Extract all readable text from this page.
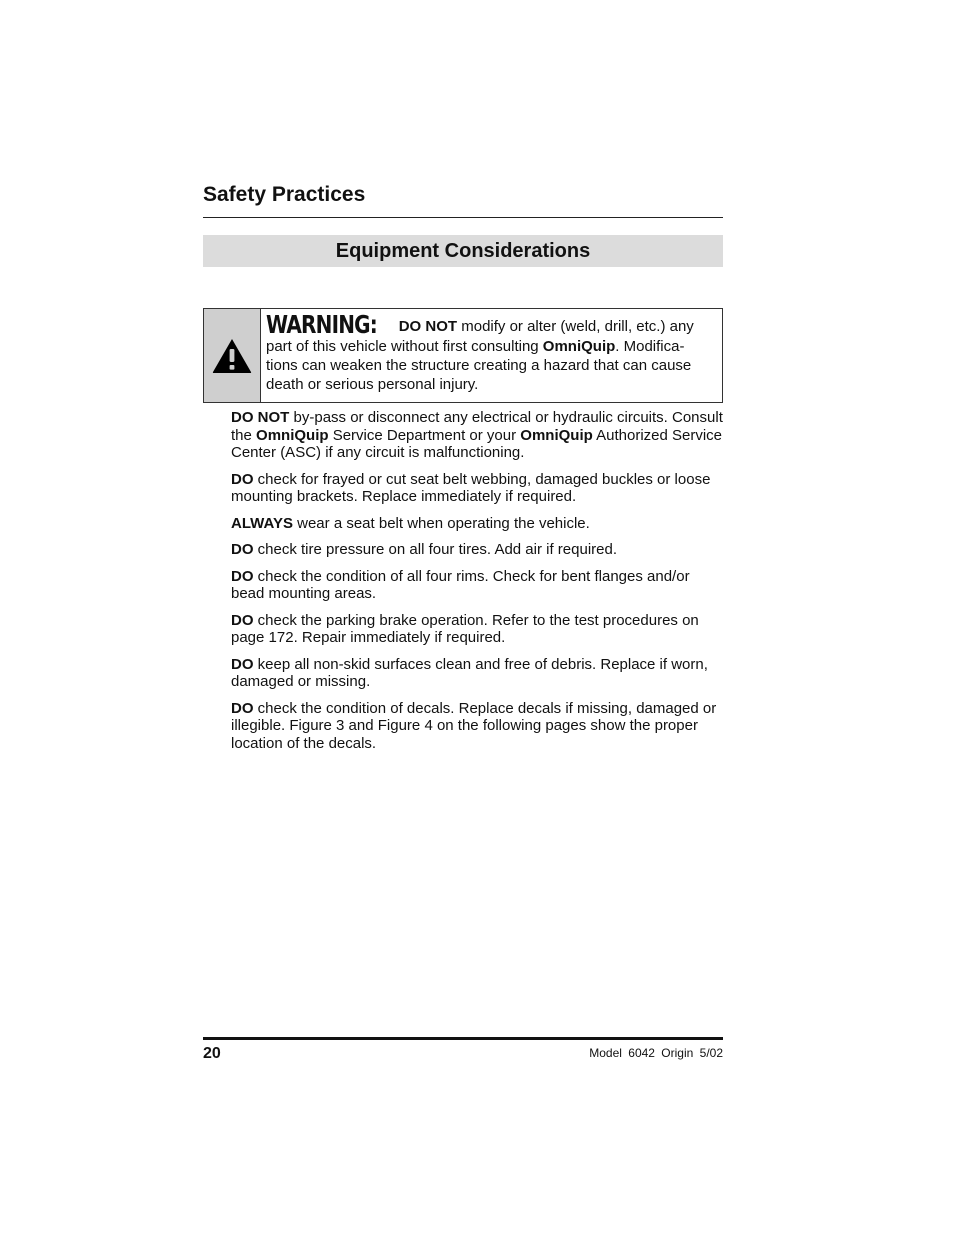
Safety Practices
Equipment Considerations
WARNING: DO NOT modify or alter (weld, drill, etc.) any part of this vehicle without first consulting OmniQuip. Modifica-tions can weaken the structure creating a hazard that can cause death or serious personal injury.

DO NOT by-pass or disconnect any electrical or hydraulic circuits. Consult the OmniQuip Service Department or your OmniQuip Authorized Service Center (ASC) if any circuit is malfunctioning.

DO check for frayed or cut seat belt webbing, damaged buckles or loose mounting brackets. Replace immediately if required.

ALWAYS wear a seat belt when operating the vehicle.

DO check tire pressure on all four tires. Add air if required.

DO check the condition of all four rims. Check for bent flanges and/or bead mounting areas.

DO check the parking brake operation. Refer to the test procedures on page 172. Repair immediately if required.

DO keep all non-skid surfaces clean and free of debris. Replace if worn, damaged or missing.

DO check the condition of decals. Replace decals if missing, damaged or illegible. Figure 3 and Figure 4 on the following pages show the proper location of the decals.

20	Model 6042 Origin 5/02
